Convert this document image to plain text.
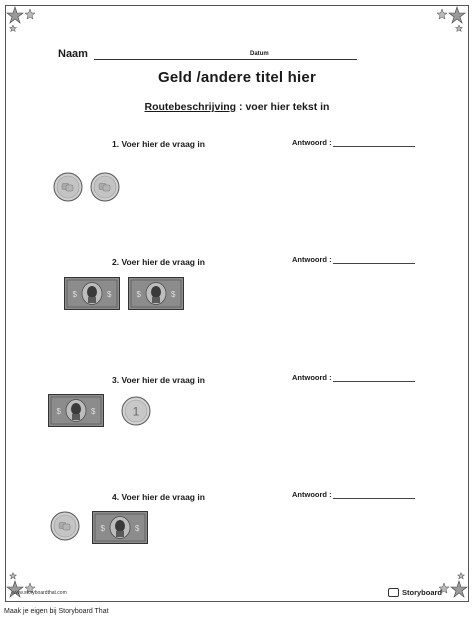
Naam	Datum
Geld /andere titel hier
Routebeschrijving : voer hier tekst in
1. Voer hier de vraag in	Antwoord :
2. Voer hier de vraag in	Antwoord :
$	$	$	$
3. Voer hier de vraag in	Antwoord :
$	$	1
4. Voer hier de vraag in	Antwoord :
$	$
www.storyboardthat.com	Storyboard
Maak je eigen bij Storyboard That
